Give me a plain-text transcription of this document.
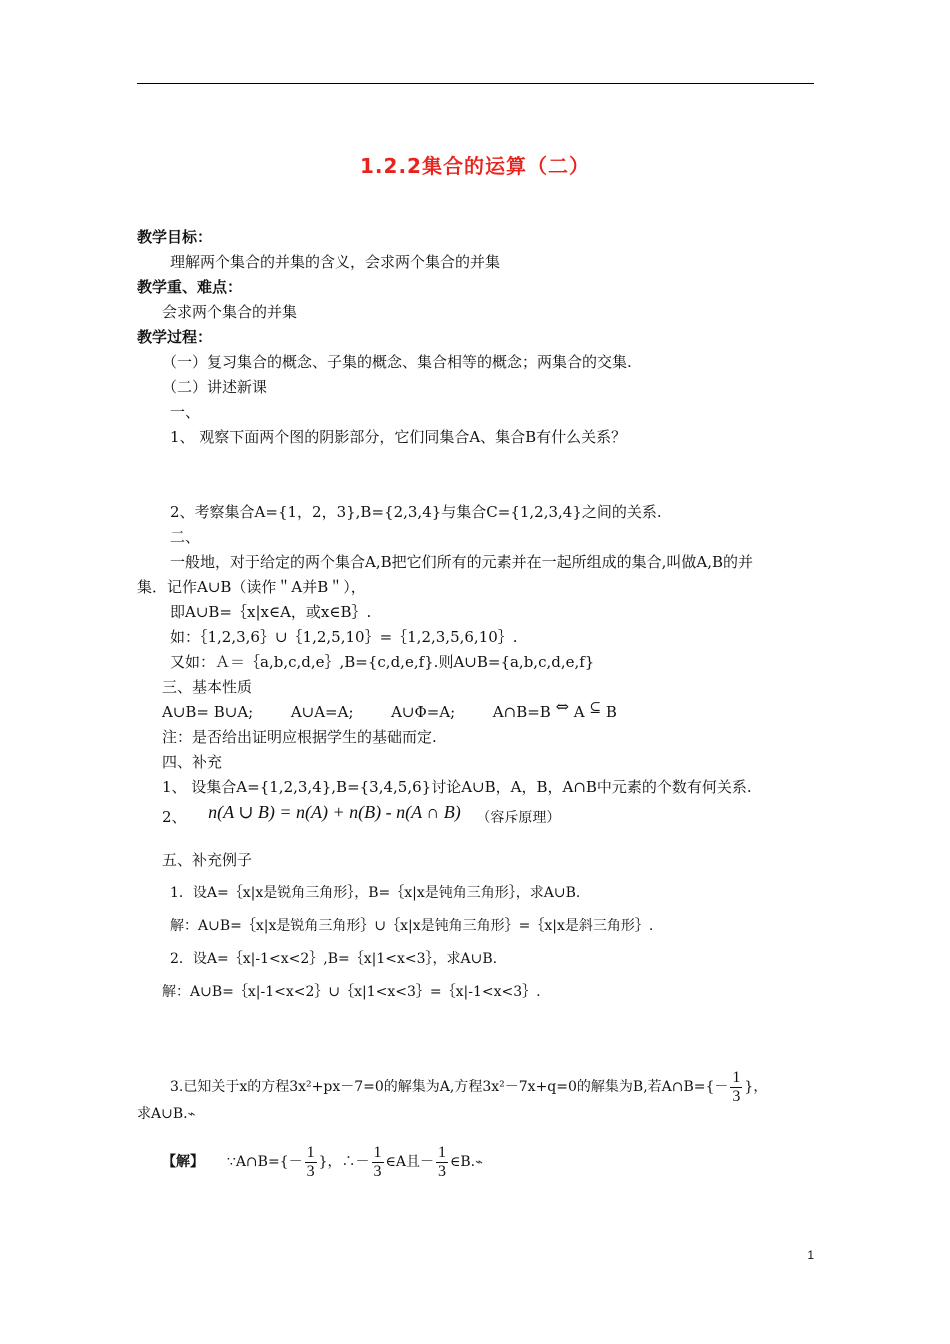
1.2.2集合的运算（二）
教学目标：
理解两个集合的并集的含义，会求两个集合的并集
教学重、难点：
会求两个集合的并集
教学过程：
（一）复习集合的概念、子集的概念、集合相等的概念；两集合的交集.
（二）讲述新课
一、
1、 观察下面两个图的阴影部分，它们同集合A、集合B有什么关系？
2、考察集合A={1，2，3},B={2,3,4}与集合C={1,2,3,4}之间的关系.
二、
一般地，对于给定的两个集合A,B把它们所有的元素并在一起所组成的集合,叫做A,B的并
集．记作A∪B（读作＂A并B＂），
即A∪B=｛x|x∈A，或x∈B｝.
如：｛1,2,3,6｝∪｛1,2,5,10｝=｛1,2,3,5,6,10｝.
又如：Ａ＝｛a,b,c,d,e｝,B={c,d,e,f}.则A∪B={a,b,c,d,e,f}
三、基本性质
A∪B= B∪A;	A∪A=A;	A∪Φ=A;	A∩B=B ⇔ A ⊆ B
注：是否给出证明应根据学生的基础而定.
四、补充
1、 设集合A={1,2,3,4},B={3,4,5,6}讨论A∪B，A，B，A∩B中元素的个数有何关系.
2、 n(A ∪ B) = n(A) + n(B) - n(A ∩ B) （容斥原理）
五、补充例子
1．设A=｛x|x是锐角三角形｝，B=｛x|x是钝角三角形｝，求A∪B.
解：A∪B=｛x|x是锐角三角形｝∪｛x|x是钝角三角形｝=｛x|x是斜三角形｝.
2．设A=｛x|-1<x<2｝,B=｛x|1<x<3｝，求A∪B.
解：A∪B=｛x|-1<x<2｝∪｛x|1<x<3｝=｛x|-1<x<3｝.
3.已知关于x的方程3x²+px－7=0的解集为A,方程3x²－7x+q=0的解集为B,若A∩B={－ $\frac{1}{3}$ }，
求A∪B.⌁
【解】 ∵A∩B={－ $\frac{1}{3}$ }，∴－ $\frac{1}{3}$ ∈A且－ $\frac{1}{3}$ ∈B.⌁
1
